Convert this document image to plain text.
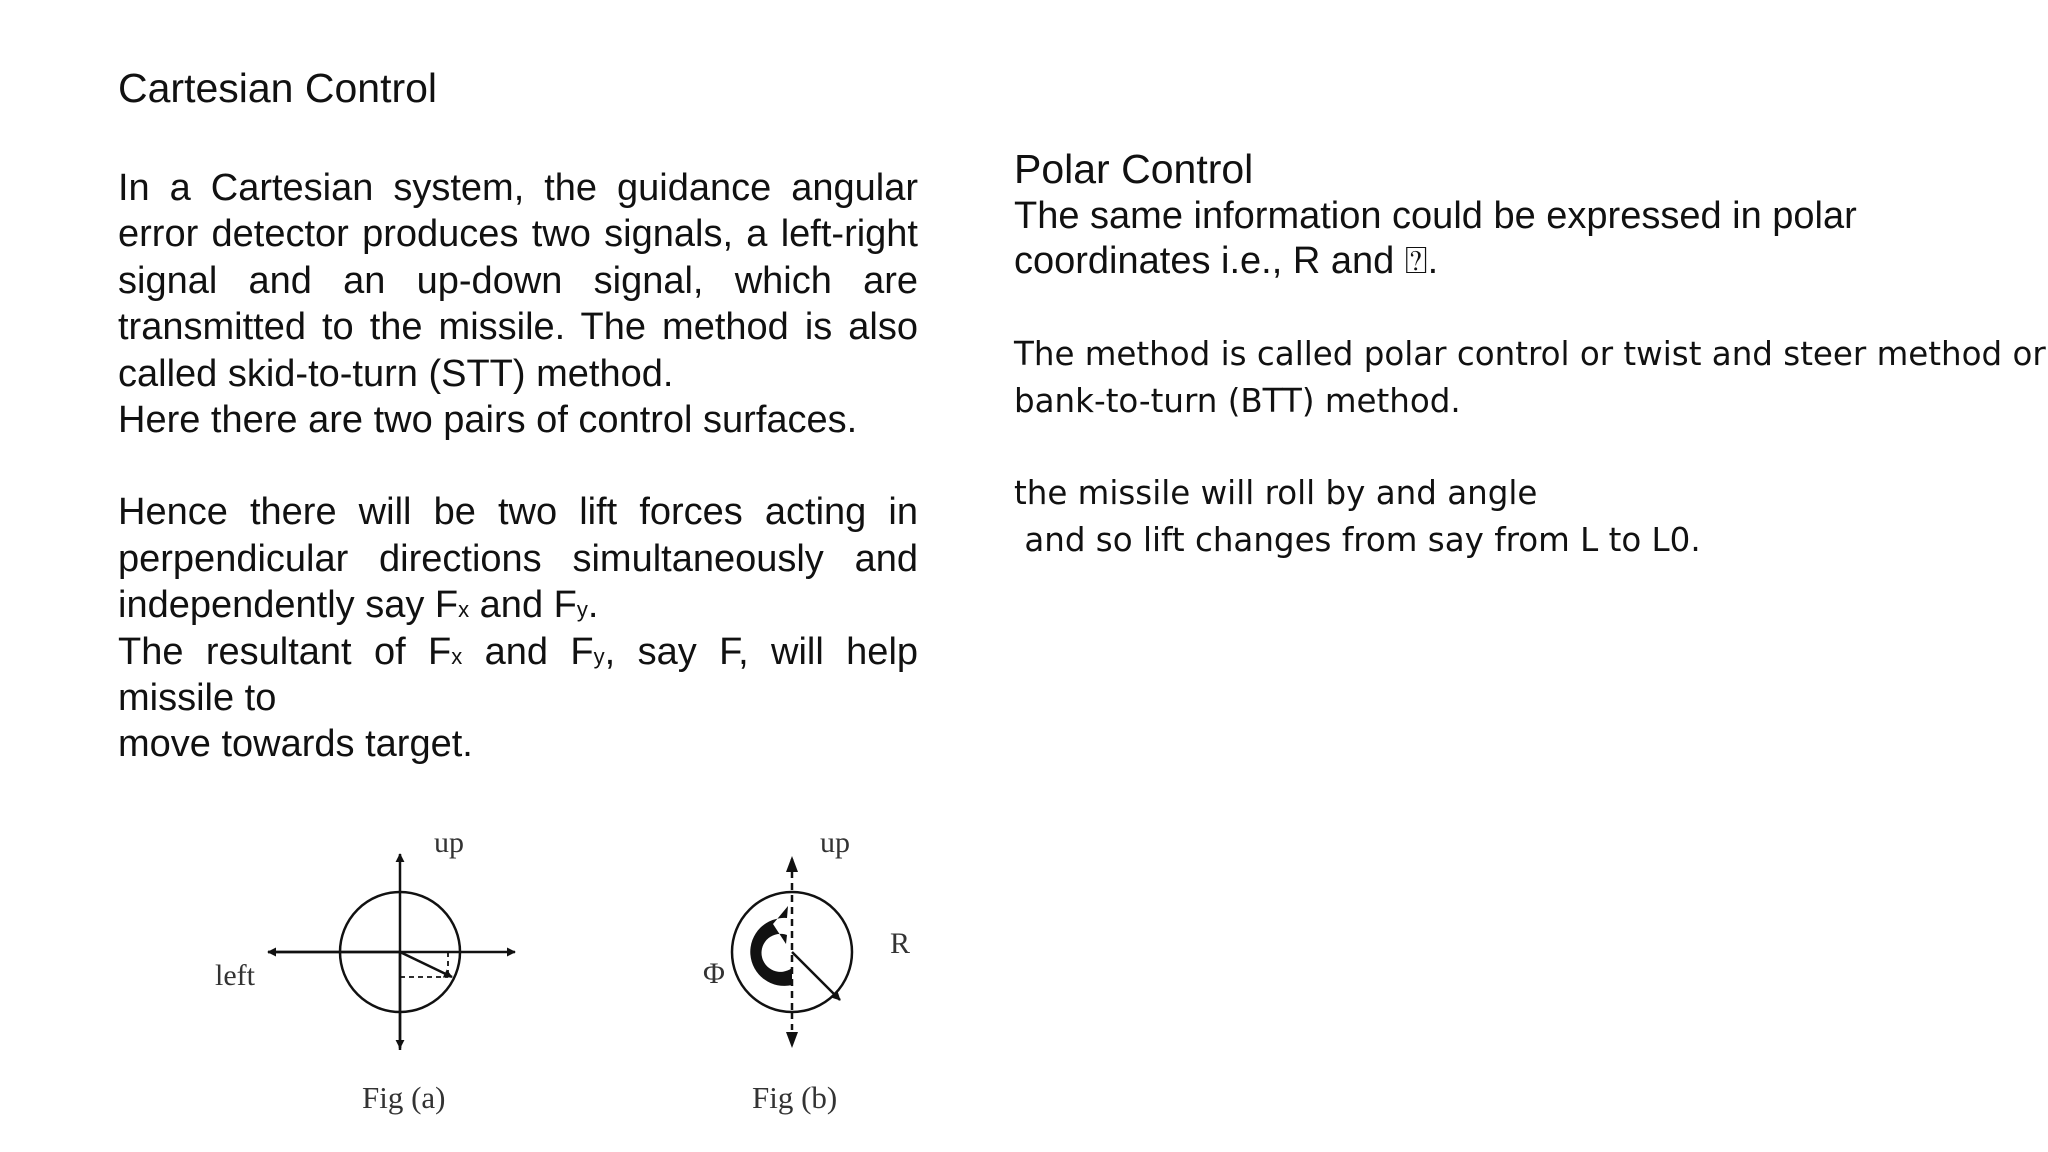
Cartesian Control

In a Cartesian system, the guidance angular

error detector produces two signals, a left-right

signal and an up-down signal, which are

transmitted to the missile. The method is also

called skid-to-turn (STT) method.

Here there are two pairs of control surfaces.

Hence there will be two lift forces acting in

perpendicular directions simultaneously and

independently say Fx and Fy.

The resultant of Fx and Fy, say F, will help

missile to

move towards target.

Polar Control

The same information could be expressed in polar

coordinates i.e., R and ⍰.

The method is called polar control or twist and steer method or

bank-to-turn (BTT) method.

the missile will roll by and angle

and so lift changes from say from L to L0.

up
left
Fig (a)
up
R
Φ
Fig (b)
